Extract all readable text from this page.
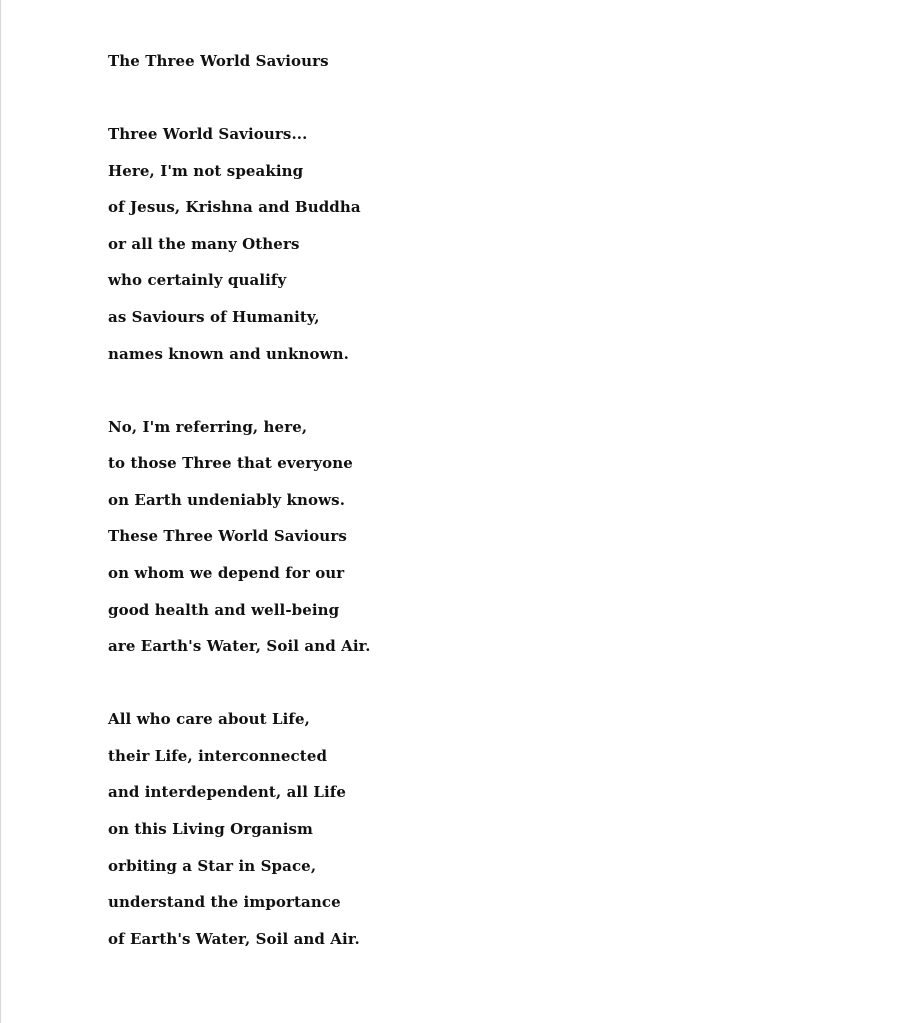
The Three World Saviours
Three World Saviours...
Here, I'm not speaking
of Jesus, Krishna and Buddha
or all the many Others
who certainly qualify
as Saviours of Humanity,
names known and unknown.
No, I'm referring, here,
to those Three that everyone
on Earth undeniably knows.
These Three World Saviours
on whom we depend for our
good health and well-being
are Earth's Water, Soil and Air.
All who care about Life,
their Life, interconnected
and interdependent, all Life
on this Living Organism
orbiting a Star in Space,
understand the importance
of Earth's Water, Soil and Air.
